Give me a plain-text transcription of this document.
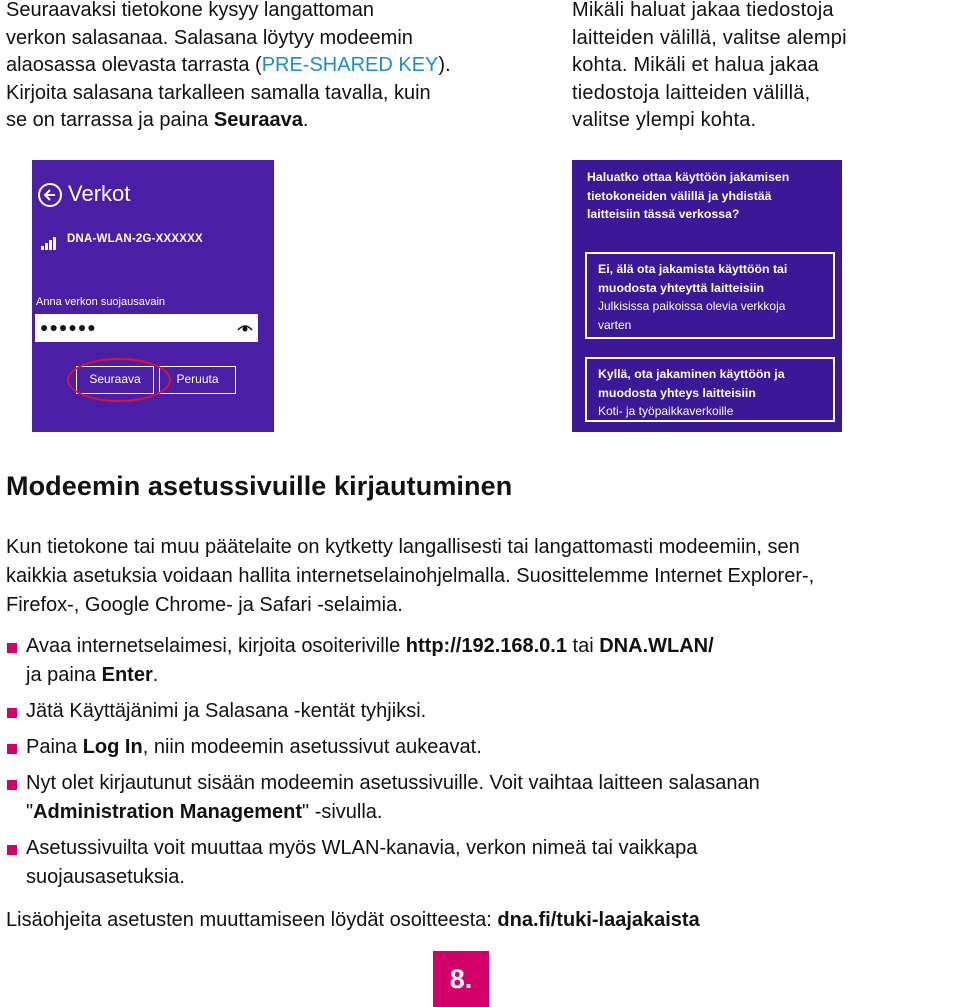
Seuraavaksi tietokone kysyy langattoman
verkon salasanaa. Salasana löytyy modeemin
alaosassa olevasta tarrasta (PRE-SHARED KEY).
Kirjoita salasana tarkalleen samalla tavalla, kuin
se on tarrassa ja paina Seuraava.
Mikäli haluat jakaa tiedostoja
laitteiden välillä, valitse alempi
kohta. Mikäli et halua jakaa
tiedostoja laitteiden välillä,
valitse ylempi kohta.
Verkot
DNA-WLAN-2G-XXXXXX
Anna verkon suojausavain
●●●●●●
Seuraava	Peruuta
Haluatko ottaa käyttöön jakamisen
tietokoneiden välillä ja yhdistää
laitteisiin tässä verkossa?
Ei, älä ota jakamista käyttöön tai
muodosta yhteyttä laitteisiin
Julkisissa paikoissa olevia verkkoja
varten
Kyllä, ota jakaminen käyttöön ja
muodosta yhteys laitteisiin
Koti- ja työpaikkaverkoille
Modeemin asetussivuille kirjautuminen
Kun tietokone tai muu päätelaite on kytketty langallisesti tai langattomasti modeemiin, sen
kaikkia asetuksia voidaan hallita internetselainohjelmalla. Suosittelemme Internet Explorer-,
Firefox-, Google Chrome- ja Safari -selaimia.
Avaa internetselaimesi, kirjoita osoiteriville http://192.168.0.1 tai DNA.WLAN/
ja paina Enter.
Jätä Käyttäjänimi ja Salasana -kentät tyhjiksi.
Paina Log In, niin modeemin asetussivut aukeavat.
Nyt olet kirjautunut sisään modeemin asetussivuille. Voit vaihtaa laitteen salasanan
"Administration Management" -sivulla.
Asetussivuilta voit muuttaa myös WLAN-kanavia, verkon nimeä tai vaikkapa
suojausasetuksia.
Lisäohjeita asetusten muuttamiseen löydät osoitteesta: dna.fi/tuki-laajakaista
8.
